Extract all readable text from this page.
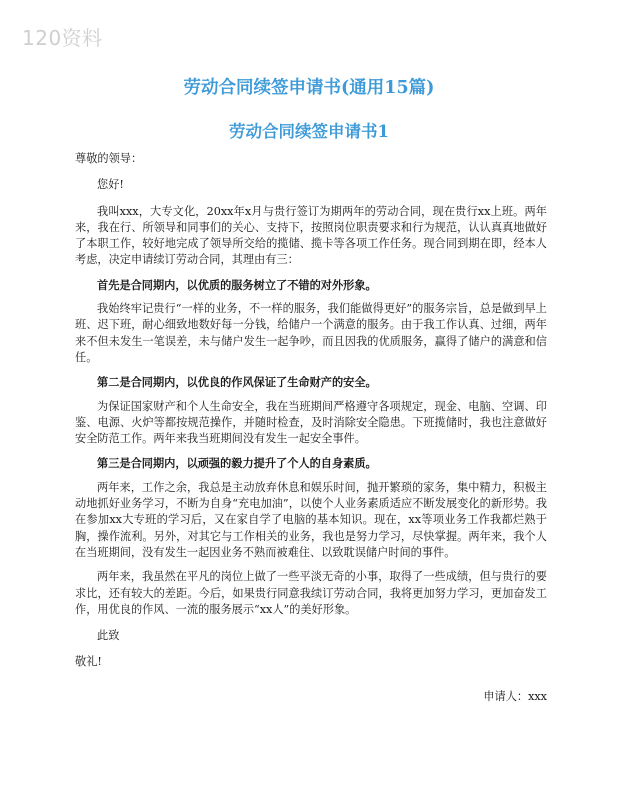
120资料
劳动合同续签申请书(通用15篇)
劳动合同续签申请书1

尊敬的领导：

您好!

我叫xxx，大专文化，20xx年x月与贵行签订为期两年的劳动合同，现在贵行xx上班。两年来，我在行、所领导和同事们的关心、支持下，按照岗位职责要求和行为规范，认认真真地做好了本职工作，较好地完成了领导所交给的揽储、揽卡等各项工作任务。现合同到期在即，经本人考虑，决定申请续订劳动合同，其理由有三：

首先是合同期内，以优质的服务树立了不错的对外形象。

我始终牢记贵行“一样的业务，不一样的服务，我们能做得更好”的服务宗旨，总是做到早上班、迟下班，耐心细致地数好每一分钱，给储户一个满意的服务。由于我工作认真、过细，两年来不但未发生一笔误差，未与储户发生一起争吵，而且因我的优质服务，赢得了储户的满意和信任。

第二是合同期内，以优良的作风保证了生命财产的安全。

为保证国家财产和个人生命安全，我在当班期间严格遵守各项规定，现金、电脑、空调、印鉴、电源、火炉等都按规范操作，并随时检查，及时消除安全隐患。下班揽储时，我也注意做好安全防范工作。两年来我当班期间没有发生一起安全事件。

第三是合同期内，以顽强的毅力提升了个人的自身素质。

两年来，工作之余，我总是主动放弃休息和娱乐时间，抛开繁琐的家务，集中精力，积极主动地抓好业务学习，不断为自身“充电加油”，以使个人业务素质适应不断发展变化的新形势。我在参加xx大专班的学习后，又在家自学了电脑的基本知识。现在，xx等项业务工作我都烂熟于胸，操作流利。另外，对其它与工作相关的业务，我也是努力学习，尽快掌握。两年来，我个人在当班期间，没有发生一起因业务不熟而被难住、以致耽误储户时间的事件。

两年来，我虽然在平凡的岗位上做了一些平淡无奇的小事，取得了一些成绩，但与贵行的要求比，还有较大的差距。今后，如果贵行同意我续订劳动合同，我将更加努力学习，更加奋发工作，用优良的作风、一流的服务展示“xx人”的美好形象。

此致

敬礼!

申请人：xxx
